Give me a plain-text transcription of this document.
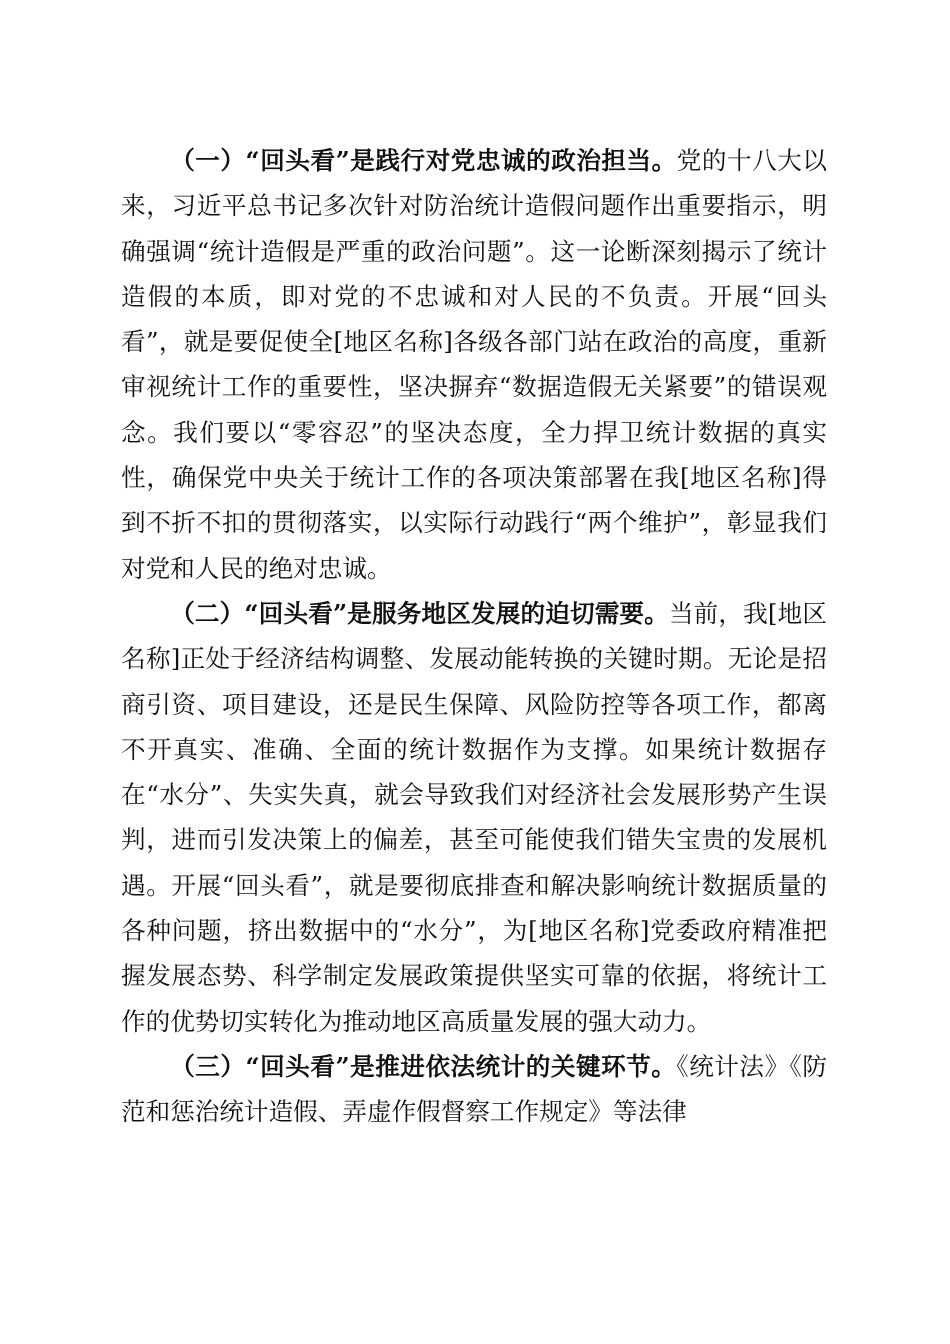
（一）“回头看”是践行对党忠诚的政治担当。党的十八大以来，习近平总书记多次针对防治统计造假问题作出重要指示，明确强调“统计造假是严重的政治问题”。这一论断深刻揭示了统计造假的本质，即对党的不忠诚和对人民的不负责。开展“回头看”，就是要促使全[地区名称]各级各部门站在政治的高度，重新审视统计工作的重要性，坚决摒弃“数据造假无关紧要”的错误观念。我们要以“零容忍”的坚决态度，全力捍卫统计数据的真实性，确保党中央关于统计工作的各项决策部署在我[地区名称]得到不折不扣的贯彻落实，以实际行动践行“两个维护”，彰显我们对党和人民的绝对忠诚。

（二）“回头看”是服务地区发展的迫切需要。当前，我[地区名称]正处于经济结构调整、发展动能转换的关键时期。无论是招商引资、项目建设，还是民生保障、风险防控等各项工作，都离不开真实、准确、全面的统计数据作为支撑。如果统计数据存在“水分”、失实失真，就会导致我们对经济社会发展形势产生误判，进而引发决策上的偏差，甚至可能使我们错失宝贵的发展机遇。开展“回头看”，就是要彻底排查和解决影响统计数据质量的各种问题，挤出数据中的“水分”，为[地区名称]党委政府精准把握发展态势、科学制定发展政策提供坚实可靠的依据，将统计工作的优势切实转化为推动地区高质量发展的强大动力。

（三）“回头看”是推进依法统计的关键环节。《统计法》《防范和惩治统计造假、弄虚作假督察工作规定》等法律
